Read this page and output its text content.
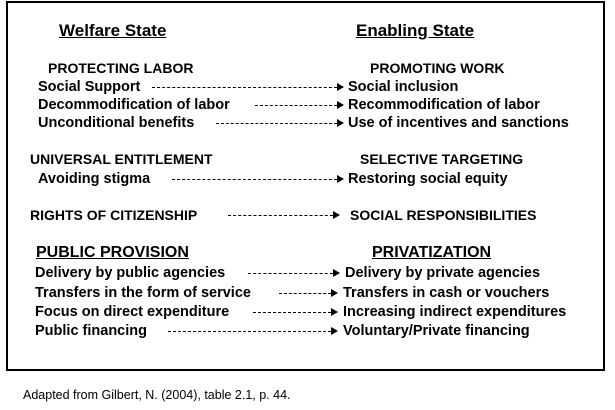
Welfare State	Enabling State
PROTECTING LABOR	PROMOTING WORK
Social Support	Social inclusion
Decommodification of labor	Recommodification of labor
Unconditional benefits	Use of incentives and sanctions
UNIVERSAL ENTITLEMENT	SELECTIVE TARGETING
Avoiding stigma	Restoring social equity
RIGHTS OF CITIZENSHIP	SOCIAL RESPONSIBILITIES
PUBLIC PROVISION	PRIVATIZATION
Delivery by public agencies	Delivery by private agencies
Transfers in the form of service	Transfers in cash or vouchers
Focus on direct expenditure	Increasing indirect expenditures
Public financing	Voluntary/Private financing
Adapted from Gilbert, N. (2004), table 2.1, p. 44.
